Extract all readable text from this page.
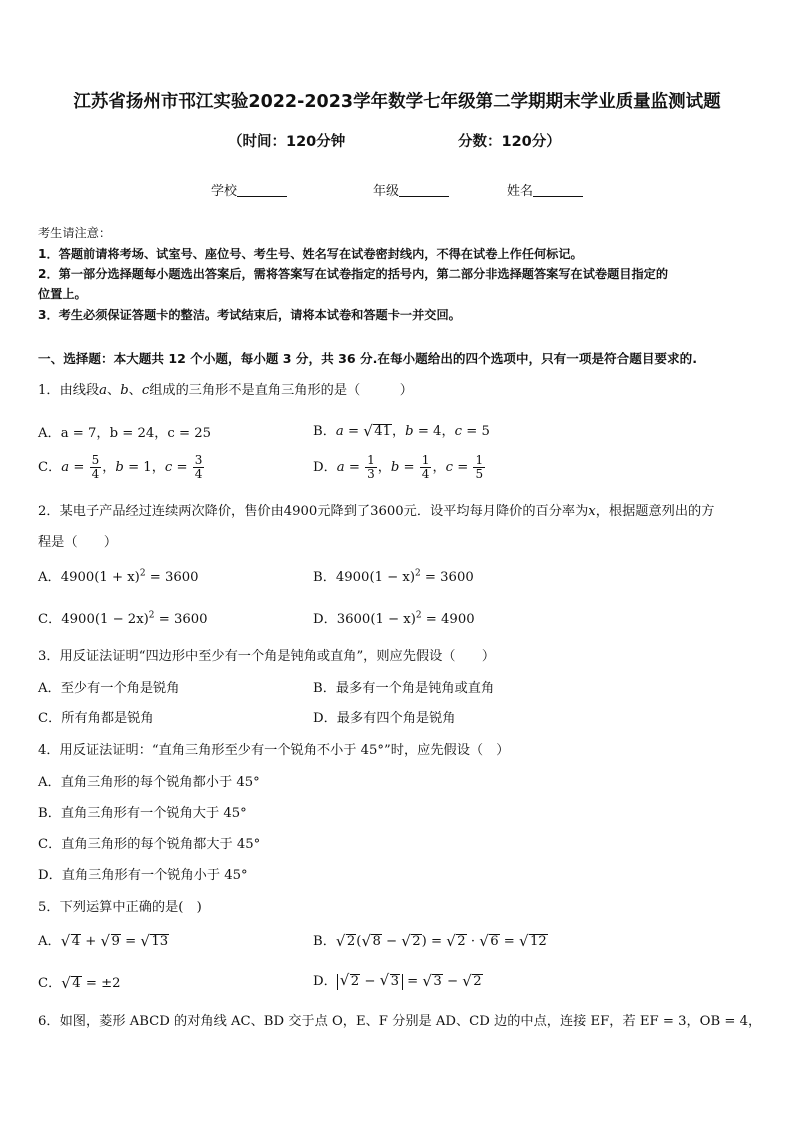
江苏省扬州市邗江实验2022-2023学年数学七年级第二学期期末学业质量监测试题
（时间：120分钟	分数：120分）
学校	年级	姓名
考生请注意：
1．答题前请将考场、试室号、座位号、考生号、姓名写在试卷密封线内，不得在试卷上作任何标记。
2．第一部分选择题每小题选出答案后，需将答案写在试卷指定的括号内，第二部分非选择题答案写在试卷题目指定的
位置上。
3．考生必须保证答题卡的整洁。考试结束后，请将本试卷和答题卡一并交回。
一、选择题：本大题共 12 个小题，每小题 3 分，共 36 分.在每小题给出的四个选项中，只有一项是符合题目要求的.
1．由线段a、b、c组成的三角形不是直角三角形的是（　　　）
A．a = 7，b = 24，c = 25	B．a = √ 41，b = 4，c = 5
C．$a = \frac{5}{4}$ ，b = 1，$c = \frac{3}{4}$	D．$a = \frac{1}{3}$ ，$b = \frac{1}{4}$ ，$c = \frac{1}{5}$
2．某电子产品经过连续两次降价，售价由4900元降到了3600元．设平均每月降价的百分率为x，根据题意列出的方
程是（　　）
A．$4900(1 + x)^2 = 3600$	B．$4900(1 - x)^2 = 3600$
C．$4900(1 - 2x)^2 = 3600$	D．$3600(1 - x)^2 = 4900$
3．用反证法证明“四边形中至少有一个角是钝角或直角”，则应先假设（　　）
A．至少有一个角是锐角	B．最多有一个角是钝角或直角
C．所有角都是锐角	D．最多有四个角是锐角
4．用反证法证明：“直角三角形至少有一个锐角不小于 45°”时，应先假设（　）
A．直角三角形的每个锐角都小于 45°
B．直角三角形有一个锐角大于 45°
C．直角三角形的每个锐角都大于 45°
D．直角三角形有一个锐角小于 45°
5．下列运算中正确的是(　)
A． √ 4 + √ 9 = √ 13	B． √ 2( √ 8 − √ 2) = √ 2 · √ 6 = √ 12
C． √ 4 = ±2	D． √ 2 − √ 3 = √ 3 − √ 2
6．如图，菱形 ABCD 的对角线 AC、BD 交于点 O，E、F 分别是 AD、CD 边的中点，连接 EF，若 EF = 3，OB = 4，
